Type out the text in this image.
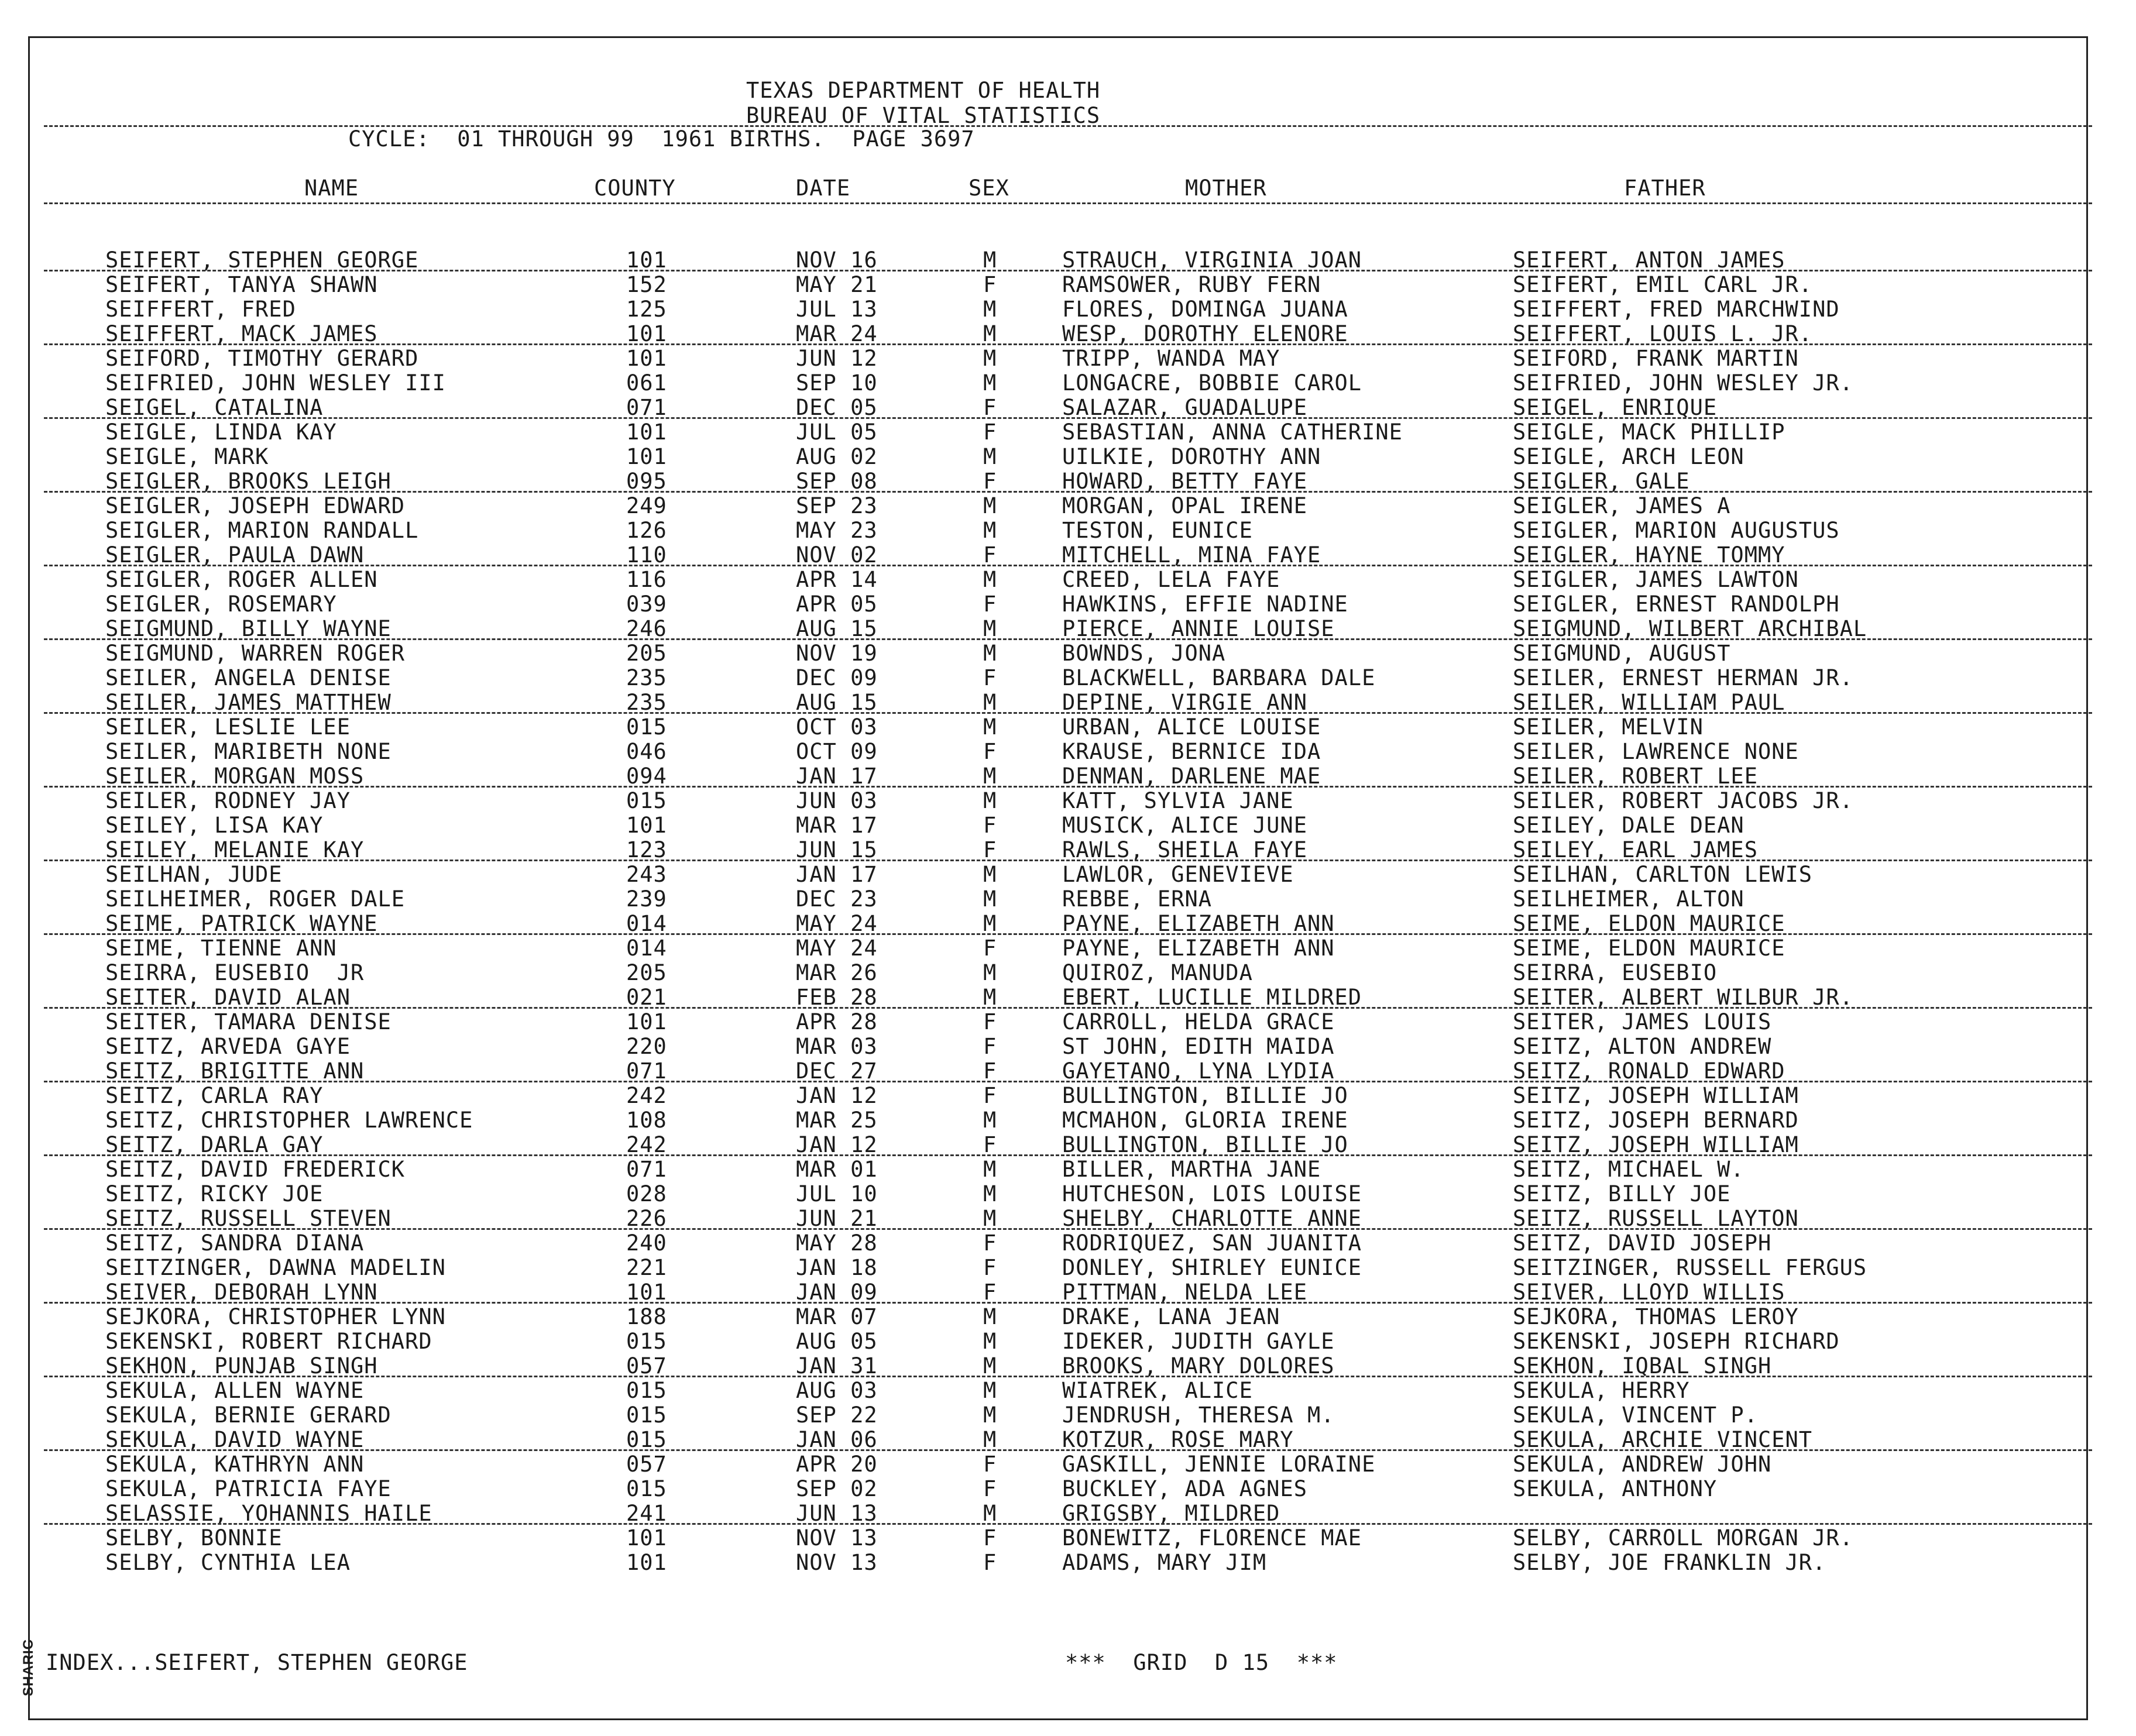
TEXAS DEPARTMENT OF HEALTH
BUREAU OF VITAL STATISTICS
CYCLE:  01 THROUGH 99  1961 BIRTHS.  PAGE 3697
NAME	COUNTY	DATE	SEX	MOTHER	FATHER
SEIFERT, STEPHEN GEORGE	101	NOV 16	M	STRAUCH, VIRGINIA JOAN	SEIFERT, ANTON JAMES
SEIFERT, TANYA SHAWN	152	MAY 21	F	RAMSOWER, RUBY FERN	SEIFERT, EMIL CARL JR.
SEIFFERT, FRED	125	JUL 13	M	FLORES, DOMINGA JUANA	SEIFFERT, FRED MARCHWIND
SEIFFERT, MACK JAMES	101	MAR 24	M	WESP, DOROTHY ELENORE	SEIFFERT, LOUIS L. JR.
SEIFORD, TIMOTHY GERARD	101	JUN 12	M	TRIPP, WANDA MAY	SEIFORD, FRANK MARTIN
SEIFRIED, JOHN WESLEY III	061	SEP 10	M	LONGACRE, BOBBIE CAROL	SEIFRIED, JOHN WESLEY JR.
SEIGEL, CATALINA	071	DEC 05	F	SALAZAR, GUADALUPE	SEIGEL, ENRIQUE
SEIGLE, LINDA KAY	101	JUL 05	F	SEBASTIAN, ANNA CATHERINE	SEIGLE, MACK PHILLIP
SEIGLE, MARK	101	AUG 02	M	UILKIE, DOROTHY ANN	SEIGLE, ARCH LEON
SEIGLER, BROOKS LEIGH	095	SEP 08	F	HOWARD, BETTY FAYE	SEIGLER, GALE
SEIGLER, JOSEPH EDWARD	249	SEP 23	M	MORGAN, OPAL IRENE	SEIGLER, JAMES A
SEIGLER, MARION RANDALL	126	MAY 23	M	TESTON, EUNICE	SEIGLER, MARION AUGUSTUS
SEIGLER, PAULA DAWN	110	NOV 02	F	MITCHELL, MINA FAYE	SEIGLER, HAYNE TOMMY
SEIGLER, ROGER ALLEN	116	APR 14	M	CREED, LELA FAYE	SEIGLER, JAMES LAWTON
SEIGLER, ROSEMARY	039	APR 05	F	HAWKINS, EFFIE NADINE	SEIGLER, ERNEST RANDOLPH
SEIGMUND, BILLY WAYNE	246	AUG 15	M	PIERCE, ANNIE LOUISE	SEIGMUND, WILBERT ARCHIBAL
SEIGMUND, WARREN ROGER	205	NOV 19	M	BOWNDS, JONA	SEIGMUND, AUGUST
SEILER, ANGELA DENISE	235	DEC 09	F	BLACKWELL, BARBARA DALE	SEILER, ERNEST HERMAN JR.
SEILER, JAMES MATTHEW	235	AUG 15	M	DEPINE, VIRGIE ANN	SEILER, WILLIAM PAUL
SEILER, LESLIE LEE	015	OCT 03	M	URBAN, ALICE LOUISE	SEILER, MELVIN
SEILER, MARIBETH NONE	046	OCT 09	F	KRAUSE, BERNICE IDA	SEILER, LAWRENCE NONE
SEILER, MORGAN MOSS	094	JAN 17	M	DENMAN, DARLENE MAE	SEILER, ROBERT LEE
SEILER, RODNEY JAY	015	JUN 03	M	KATT, SYLVIA JANE	SEILER, ROBERT JACOBS JR.
SEILEY, LISA KAY	101	MAR 17	F	MUSICK, ALICE JUNE	SEILEY, DALE DEAN
SEILEY, MELANIE KAY	123	JUN 15	F	RAWLS, SHEILA FAYE	SEILEY, EARL JAMES
SEILHAN, JUDE	243	JAN 17	M	LAWLOR, GENEVIEVE	SEILHAN, CARLTON LEWIS
SEILHEIMER, ROGER DALE	239	DEC 23	M	REBBE, ERNA	SEILHEIMER, ALTON
SEIME, PATRICK WAYNE	014	MAY 24	M	PAYNE, ELIZABETH ANN	SEIME, ELDON MAURICE
SEIME, TIENNE ANN	014	MAY 24	F	PAYNE, ELIZABETH ANN	SEIME, ELDON MAURICE
SEIRRA, EUSEBIO  JR	205	MAR 26	M	QUIROZ, MANUDA	SEIRRA, EUSEBIO
SEITER, DAVID ALAN	021	FEB 28	M	EBERT, LUCILLE MILDRED	SEITER, ALBERT WILBUR JR.
SEITER, TAMARA DENISE	101	APR 28	F	CARROLL, HELDA GRACE	SEITER, JAMES LOUIS
SEITZ, ARVEDA GAYE	220	MAR 03	F	ST JOHN, EDITH MAIDA	SEITZ, ALTON ANDREW
SEITZ, BRIGITTE ANN	071	DEC 27	F	GAYETANO, LYNA LYDIA	SEITZ, RONALD EDWARD
SEITZ, CARLA RAY	242	JAN 12	F	BULLINGTON, BILLIE JO	SEITZ, JOSEPH WILLIAM
SEITZ, CHRISTOPHER LAWRENCE	108	MAR 25	M	MCMAHON, GLORIA IRENE	SEITZ, JOSEPH BERNARD
SEITZ, DARLA GAY	242	JAN 12	F	BULLINGTON, BILLIE JO	SEITZ, JOSEPH WILLIAM
SEITZ, DAVID FREDERICK	071	MAR 01	M	BILLER, MARTHA JANE	SEITZ, MICHAEL W.
SEITZ, RICKY JOE	028	JUL 10	M	HUTCHESON, LOIS LOUISE	SEITZ, BILLY JOE
SEITZ, RUSSELL STEVEN	226	JUN 21	M	SHELBY, CHARLOTTE ANNE	SEITZ, RUSSELL LAYTON
SEITZ, SANDRA DIANA	240	MAY 28	F	RODRIQUEZ, SAN JUANITA	SEITZ, DAVID JOSEPH
SEITZINGER, DAWNA MADELIN	221	JAN 18	F	DONLEY, SHIRLEY EUNICE	SEITZINGER, RUSSELL FERGUS
SEIVER, DEBORAH LYNN	101	JAN 09	F	PITTMAN, NELDA LEE	SEIVER, LLOYD WILLIS
SEJKORA, CHRISTOPHER LYNN	188	MAR 07	M	DRAKE, LANA JEAN	SEJKORA, THOMAS LEROY
SEKENSKI, ROBERT RICHARD	015	AUG 05	M	IDEKER, JUDITH GAYLE	SEKENSKI, JOSEPH RICHARD
SEKHON, PUNJAB SINGH	057	JAN 31	M	BROOKS, MARY DOLORES	SEKHON, IQBAL SINGH
SEKULA, ALLEN WAYNE	015	AUG 03	M	WIATREK, ALICE	SEKULA, HERRY
SEKULA, BERNIE GERARD	015	SEP 22	M	JENDRUSH, THERESA M.	SEKULA, VINCENT P.
SEKULA, DAVID WAYNE	015	JAN 06	M	KOTZUR, ROSE MARY	SEKULA, ARCHIE VINCENT
SEKULA, KATHRYN ANN	057	APR 20	F	GASKILL, JENNIE LORAINE	SEKULA, ANDREW JOHN
SEKULA, PATRICIA FAYE	015	SEP 02	F	BUCKLEY, ADA AGNES	SEKULA, ANTHONY
SELASSIE, YOHANNIS HAILE	241	JUN 13	M	GRIGSBY, MILDRED
SELBY, BONNIE	101	NOV 13	F	BONEWITZ, FLORENCE MAE	SELBY, CARROLL MORGAN JR.
SELBY, CYNTHIA LEA	101	NOV 13	F	ADAMS, MARY JIM	SELBY, JOE FRANKLIN JR.
INDEX...SEIFERT, STEPHEN GEORGE	***  GRID  D 15  ***
SHARIC
